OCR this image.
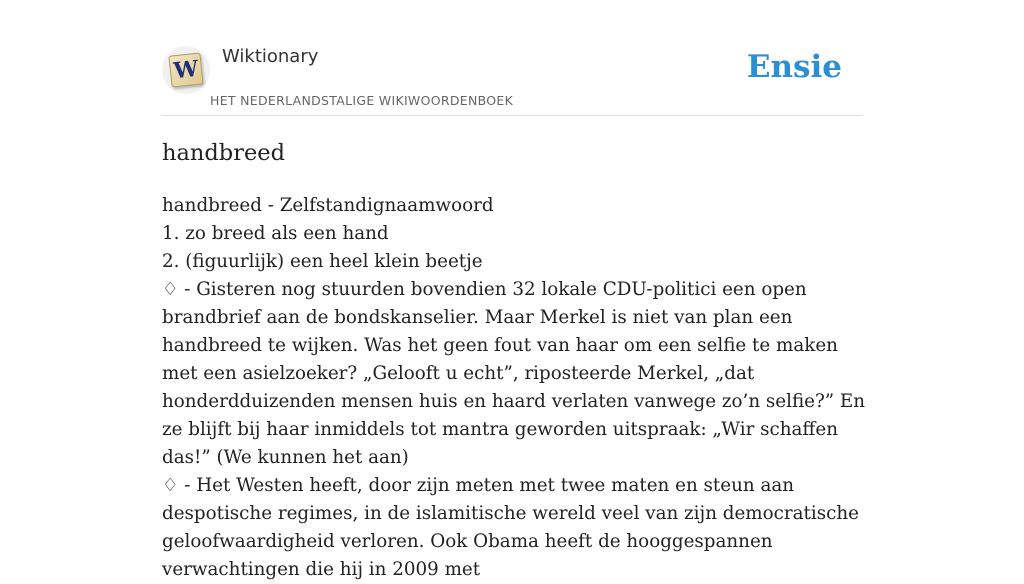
W Wiktionary
HET NEDERLANDSTALIGE WIKIWOORDENBOEK
Ensie
handbreed
handbreed - Zelfstandignaamwoord
1. zo breed als een hand
2. (figuurlijk) een heel klein beetje
♢ - Gisteren nog stuurden bovendien 32 lokale CDU-politici een open brandbrief aan de bondskanselier. Maar Merkel is niet van plan een handbreed te wijken. Was het geen fout van haar om een selfie te maken met een asielzoeker? „Gelooft u echt”, riposteerde Merkel, „dat honderdduizenden mensen huis en haard verlaten vanwege zo’n selfie?” En ze blijft bij haar inmiddels tot mantra geworden uitspraak: „Wir schaffen das!” (We kunnen het aan)
♢ - Het Westen heeft, door zijn meten met twee maten en steun aan despotische regimes, in de islamitische wereld veel van zijn democratische geloofwaardigheid verloren. Ook Obama heeft de hooggespannen verwachtingen die hij in 2009 met
